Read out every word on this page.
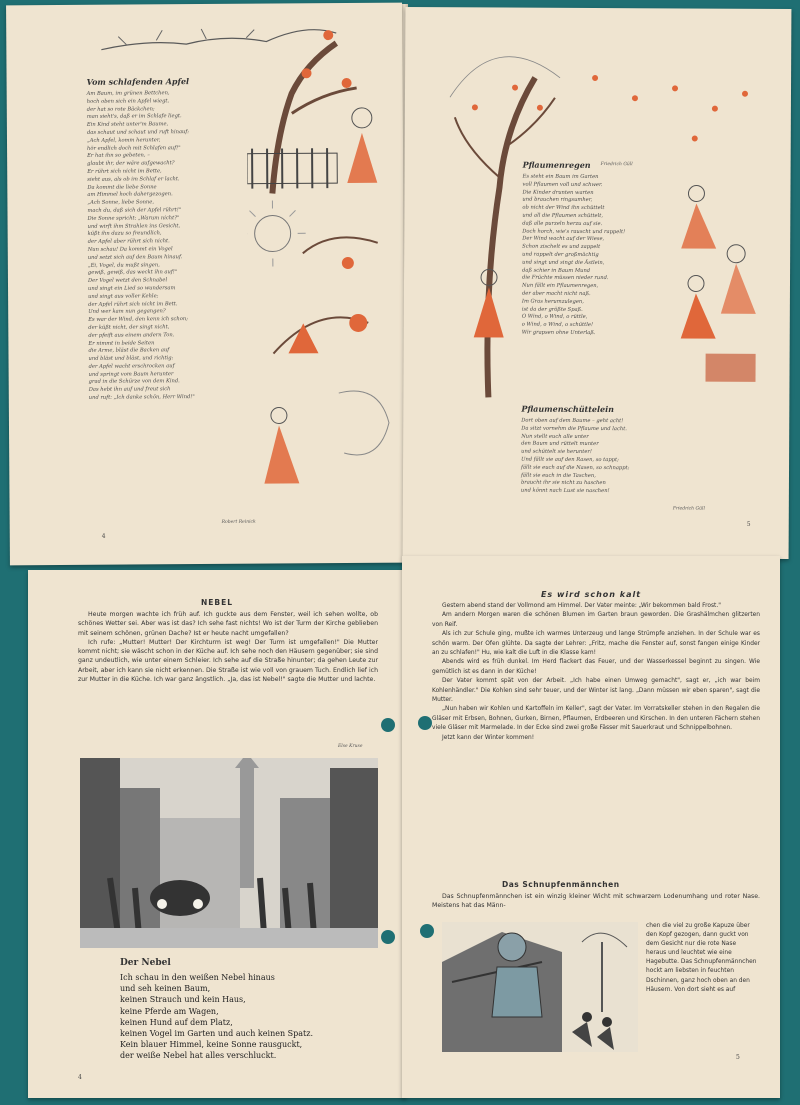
Vom schlafenden Apfel
Am Baum, im grünen Bettchen,
hoch oben sich ein Apfel wiegt,
der hat so rote Bäckchen;
man sieht's, daß er im Schlafe liegt.
Ein Kind steht unter'm Baume,
das schaut und schaut und ruft hinauf:
„Ach Apfel, komm herunter,
hör endlich doch mit Schlafen auf!"
Er hat ihn so gebeten, –
glaubt ihr, der wäre aufgewacht?
Er rührt sich nicht im Bette,
sieht aus, als ob im Schlaf er lacht.
Da kommt die liebe Sonne
am Himmel hoch dahergezogen.
„Ach Sonne, liebe Sonne,
mach du, daß sich der Apfel rührt!"
Die Sonne spricht: „Warum nicht?"
und wirft ihm Strahlen ins Gesicht,
küßt ihn dazu so freundlich,
der Apfel aber rührt sich nicht.
Nun schau! Da kommt ein Vogel
und setzt sich auf den Baum hinauf.
„Ei, Vogel, du mußt singen,
gewiß, gewiß, das weckt ihn auf!"
Der Vogel wetzt den Schnabel
und singt ein Lied so wundersam
und singt aus voller Kehle;
der Apfel rührt sich nicht im Bett.
Und wer kam nun gegangen?
Es war der Wind, den kenn ich schon;
der küßt nicht, der singt nicht,
der pfeift aus einem andern Ton.
Er nimmt in beide Seiten
die Arme, bläst die Backen auf
und bläst und bläst, und richtig:
der Apfel wacht erschrocken auf
und springt vom Baum herunter
grad in die Schürze von dem Kind.
Das hebt ihn auf und freut sich
und ruft: „Ich danke schön, Herr Wind!"
Robert Reinick
4
Pflaumenregen Friedrich Güll
Es steht ein Baum im Garten
voll Pflaumen voll und schwer.
Die Kinder drunten warten
und brauchen ringsumher,
ob nicht der Wind ihn schüttelt
und all die Pflaumen schüttelt,
daß alle purzeln herzu auf sie.
Doch horch, wie's rauscht und rappelt!
Der Wind wacht auf der Wiese,
Schon zischelt es und zappelt
und rappelt der großmächtig
und singt und singt die Ästlein,
daß schier in Baum Mund
die Früchte müssen nieder rund.
Nun fällt ein Pflaumenregen,
der aber macht nicht naß.
Im Gras herumzulegen,
ist da der größte Spaß.
O Wind, o Wind, o rüttle,
o Wind, o Wind, o schüttle!
Wir grapsen ohne Unterlaß.
Pflaumenschüttelein
Dort oben auf dem Baume – geht acht!
Da sitzt vornehm die Pflaume und lacht.
Nun stellt euch alle unter
den Baum und rüttelt munter
und schüttelt sie herunter!
Und fällt sie auf den Rasen, so tappt;
fällt sie euch auf die Nasen, so schnappt;
fällt sie euch in die Taschen,
braucht ihr sie nicht zu haschen
und könnt nach Lust sie naschen!
Friedrich Güll
5
NEBEL

Heute morgen wachte ich früh auf. Ich guckte aus dem Fenster, weil ich sehen wollte, ob schönes Wetter sei. Aber was ist das? Ich sehe fast nichts! Wo ist der Turm der Kirche geblieben mit seinem schönen, grünen Dache? Ist er heute nacht umgefallen?

Ich rufe: „Mutter! Mutter! Der Kirchturm ist weg! Der Turm ist umgefallen!" Die Mutter kommt nicht; sie wäscht schon in der Küche auf. Ich sehe noch den Häusern gegenüber; sie sind ganz undeutlich, wie unter einem Schleier. Ich sehe auf die Straße hinunter; da gehen Leute zur Arbeit, aber ich kann sie nicht erkennen. Die Straße ist wie voll von grauem Tuch. Endlich lief ich zur Mutter in die Küche. Ich war ganz ängstlich. „Ja, das ist Nebel!" sagte die Mutter und lachte.

Else Kruse
Der Nebel
Ich schau in den weißen Nebel hinaus
und seh keinen Baum,
keinen Strauch und kein Haus,
keine Pferde am Wagen,
keinen Hund auf dem Platz,
keinen Vogel im Garten und auch keinen Spatz.
Kein blauer Himmel, keine Sonne rausguckt,
der weiße Nebel hat alles verschluckt.
4
Es wird schon kalt

Gestern abend stand der Vollmond am Himmel. Der Vater meinte: „Wir bekommen bald Frost."

Am andern Morgen waren die schönen Blumen im Garten braun geworden. Die Grashälmchen glitzerten von Reif.

Als ich zur Schule ging, mußte ich warmes Unterzeug und lange Strümpfe anziehen. In der Schule war es schön warm. Der Ofen glühte. Da sagte der Lehrer: „Fritz, mache die Fenster auf, sonst fangen einige Kinder an zu schlafen!" Hu, wie kalt die Luft in die Klasse kam!

Abends wird es früh dunkel. Im Herd flackert das Feuer, und der Wasserkessel beginnt zu singen. Wie gemütlich ist es dann in der Küche!

Der Vater kommt spät von der Arbeit. „Ich habe einen Umweg gemacht", sagt er, „ich war beim Kohlenhändler." Die Kohlen sind sehr teuer, und der Winter ist lang. „Dann müssen wir eben sparen", sagt die Mutter.

„Nun haben wir Kohlen und Kartoffeln im Keller", sagt der Vater. Im Vorratskeller stehen in den Regalen die Gläser mit Erbsen, Bohnen, Gurken, Birnen, Pflaumen, Erdbeeren und Kirschen. In den unteren Fächern stehen viele Gläser mit Marmelade. In der Ecke sind zwei große Fässer mit Sauerkraut und Schnippelbohnen.

Jetzt kann der Winter kommen!

Das Schnupfenmännchen
Das Schnupfenmännchen ist ein winzig kleiner Wicht mit schwarzem Lodenumhang und roter Nase. Meistens hat das Männ-
chen die viel zu große Kapuze über den Kopf gezogen, dann guckt von dem Gesicht nur die rote Nase heraus und leuchtet wie eine Hagebutte. Das Schnupfenmännchen hockt am liebsten in feuchten Dschinnen, ganz hoch oben an den Häusern. Von dort sieht es auf
5
